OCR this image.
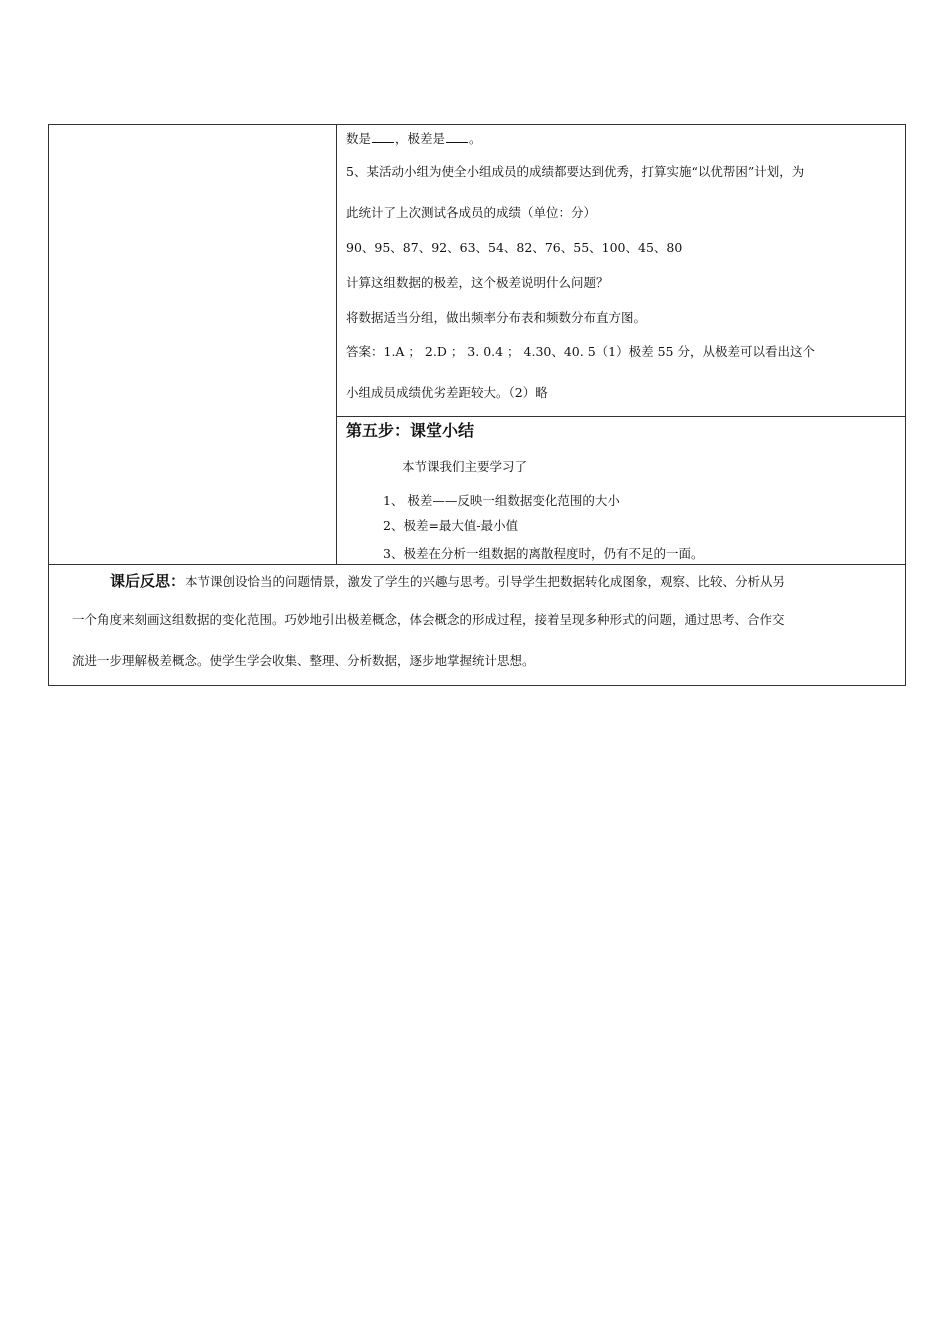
数是 ，极差是 。
5、某活动小组为使全小组成员的成绩都要达到优秀，打算实施“以优帮困”计划，为
此统计了上次测试各成员的成绩（单位：分）
90、95、87、92、63、54、82、76、55、100、45、80
计算这组数据的极差，这个极差说明什么问题？
将数据适当分组，做出频率分布表和频数分布直方图。
答案：1.A ； 2.D ； 3. 0.4 ； 4.30、40. 5（1）极差 55 分，从极差可以看出这个
小组成员成绩优劣差距较大。（2）略
第五步：课堂小结
本节课我们主要学习了
1、 极差——反映一组数据变化范围的大小
2、极差=最大值-最小值
3、极差在分析一组数据的离散程度时，仍有不足的一面。
课后反思：本节课创设恰当的问题情景，激发了学生的兴趣与思考。引导学生把数据转化成图象，观察、比较、分析从另
一个角度来刻画这组数据的变化范围。巧妙地引出极差概念，体会概念的形成过程，接着呈现多种形式的问题，通过思考、合作交
流进一步理解极差概念。使学生学会收集、整理、分析数据，逐步地掌握统计思想。
